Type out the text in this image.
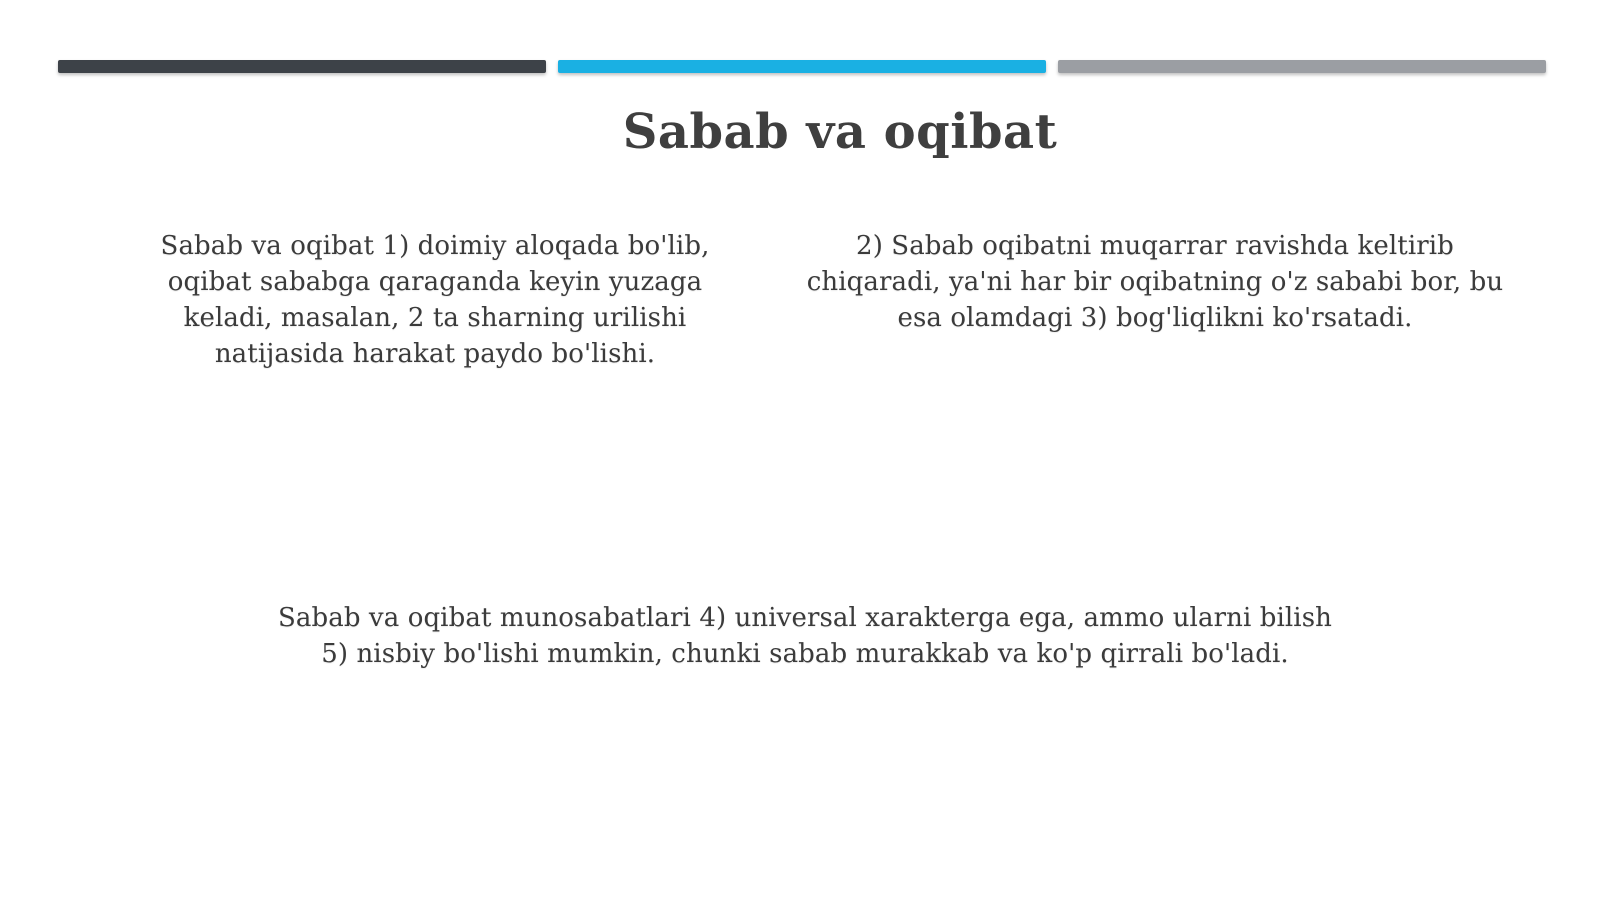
Sabab va oqibat
Sabab va oqibat 1) doimiy aloqada bo'lib, oqibat sababga qaraganda keyin yuzaga keladi, masalan, 2 ta sharning urilishi natijasida harakat paydo bo'lishi.
2) Sabab oqibatni muqarrar ravishda keltirib chiqaradi, ya'ni har bir oqibatning o'z sababi bor, bu esa olamdagi 3) bog'liqlikni ko'rsatadi.
Sabab va oqibat munosabatlari 4) universal xarakterga ega, ammo ularni bilish 5) nisbiy bo'lishi mumkin, chunki sabab murakkab va ko'p qirrali bo'ladi.
